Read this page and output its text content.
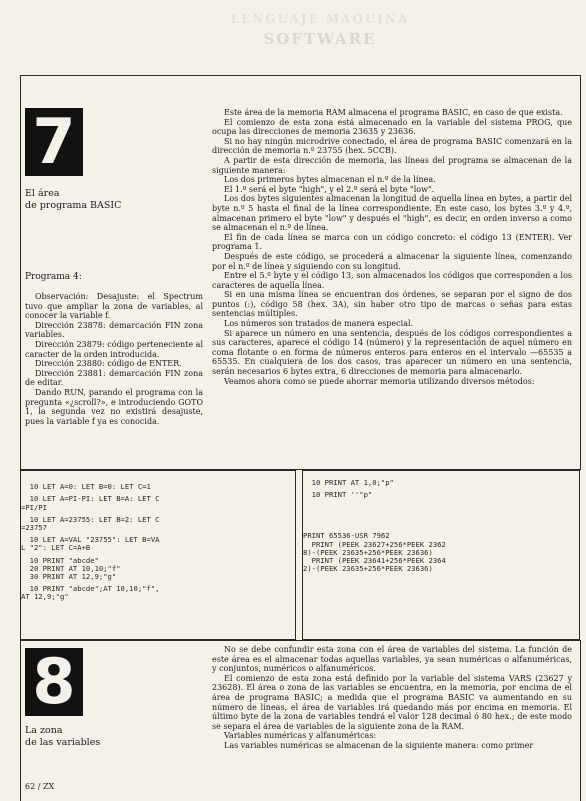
LENGUAJE MAQUINA
SOFTWARE
7
El área
de programa BASIC
Programa 4:

Observación: Desajuste: el Spectrum tuvo que ampliar la zona de variables, al conocer la variable f.

Dirección 23878: demarcación FIN zona variables.

Dirección 23879: código perteneciente al caracter de la orden introducida.

Dirección 23880: código de ENTER.

Dirección 23881: demarcación FIN zona de editar.

Dando RUN, parando el programa con la pregunta «¿scroll?», e introduciendo GOTO 1, la segunda vez no existirá desajuste, pues la variable f ya es conocida.

Este área de la memoria RAM almacena el programa BASIC, en caso de que exista.

El comienzo de esta zona está almacenado en la variable del sistema PROG, que ocupa las direcciones de memoria 23635 y 23636.

Si no hay ningún microdrive conectado, el área de programa BASIC comenzará en la dirección de memoria n.º 23755 (hex. 5CCB).

A partir de esta dirección de memoria, las líneas del programa se almacenan de la siguiente manera:

Los dos primeros bytes almacenan el n.º de la línea.

El 1.º será el byte "high", y el 2.º será el byte "low".

Los dos bytes siguientes almacenan la longitud de aquella línea en bytes, a partir del byte n.º 5 hasta el final de la línea correspondiente. En este caso, los bytes 3.º y 4.º, almacenan primero el byte "low" y después el "high", es decir, en orden inverso a como se almacenan el n.º de línea.

El fin de cada línea se marca con un código concreto: el código 13 (ENTER). Ver programa 1.

Después de este código, se procederá a almacenar la siguiente línea, comenzando por el n.º de línea y siguiendo con su longitud.

Entre el 5.º byte y el código 13, son almacenados los códigos que corresponden a los caracteres de aquella línea.

Si en una misma línea se encuentran dos órdenes, se separan por el signo de dos puntos (:), código 58 (hex. 3A), sin haber otro tipo de marcas o señas para estas sentencias múltiples.

Los números son tratados de manera especial.

Si aparece un número en una sentencia, después de los códigos correspondientes a sus caracteres, aparece el código 14 (número) y la representación de aquel número en coma flotante o en forma de números enteros para enteros en el intervalo —65535 a 65535. En cualquiera de los dos casos, tras aparecer un número en una sentencia, serán necesarios 6 bytes extra, 6 direcciones de memoria para almacenarlo.

Veamos ahora como se puede ahorrar memoria utilizando diversos métodos:

10 LET A=0: LET B=0: LET C=1
10 LET A=PI-PI: LET B=A: LET C
=PI/PI
10 LET A=23755: LET B=2: LET C
=23757
10 LET A=VAL "23755": LET B=VA
L "2": LET C=A+B
10 PRINT "abcde"
20 PRINT AT 10,10;"f"
30 PRINT AT 12,9;"g"
10 PRINT "abcde";AT 10,10;"f",
AT 12,9;"g"

10 PRINT AT 1,0;"p"
10 PRINT ''"p"

PRINT 65536-USR 7962
PRINT (PEEK 23627+256*PEEK 2362
8)-(PEEK 23635+256*PEEK 23636)
PRINT (PEEK 23641+256*PEEK 2364
2)-(PEEK 23635+256*PEEK 23636)
8
La zona
de las variables

No se debe confundir esta zona con el área de variables del sistema. La función de este área es el almacenar todas aquellas variables, ya sean numéricas o alfanuméricas, y conjuntos, numéricos o alfanuméricos.

El comienzo de esta zona está definido por la variable del sistema VARS (23627 y 23628). El área o zona de las variables se encuentra, en la memoria, por encima de el área de programa BASIC; a medida que el programa BASIC va aumentando en su número de líneas, el área de variables irá quedando más por encima en memoria. El último byte de la zona de variables tendrá el valor 128 decimal ó 80 hex.; de este modo se separa el área de variables de la siguiente zona de la RAM.

Variables numéricas y alfanuméricas:

Las variables numéricas se almacenan de la siguiente manera: como primer

62 / ZX
